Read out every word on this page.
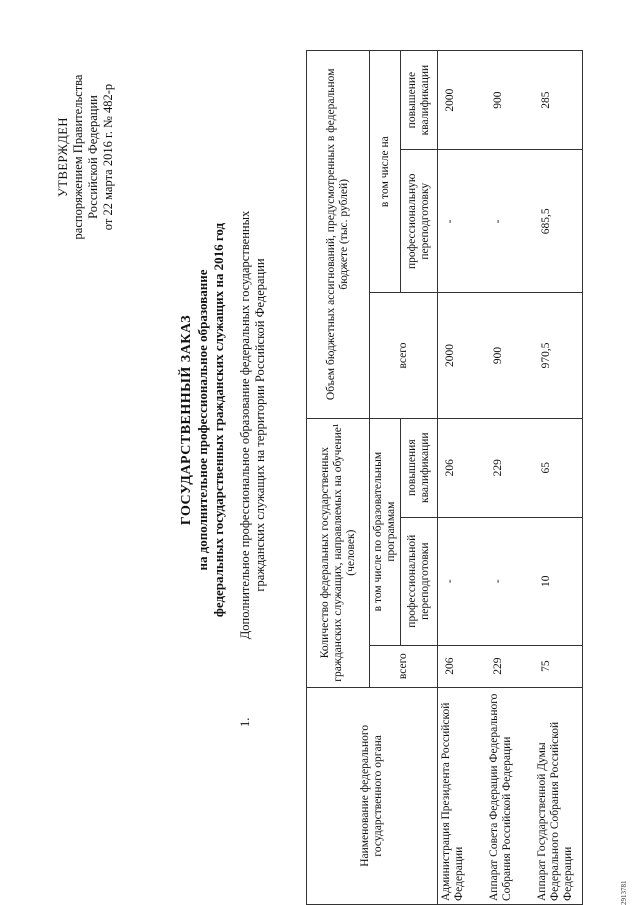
УТВЕРЖДЕН распоряжением Правительства Российской Федерации от 22 марта 2016 г. № 482-р
ГОСУДАРСТВЕННЫЙ ЗАКАЗ на дополнительное профессиональное образование федеральных государственных гражданских служащих на 2016 год
1.
Дополнительное профессиональное образование федеральных государственных гражданских служащих на территории Российской Федерации
Наименование федерального государственного органа	Количество федеральных государственных гражданских служащих, направляемых на обучение¹ (человек)			Объем бюджетных ассигнований, предусмотренных в федеральном бюджете (тыс. рублей)		
	всего	в том числе по образовательным программам		всего	в том числе на	
		профессиональной переподготовки	повышения квалификации		профессиональную переподготовку	повышение квалификации
Администрация Президента Российской Федерации	206	-	206	2000	-	2000
Аппарат Совета Федерации Федерального Собрания Российской Федерации	229	-	229	900	-	900
Аппарат Государственной Думы Федерального Собрания Российской Федерации	75	10	65	970,5	685,5	285
2913781
